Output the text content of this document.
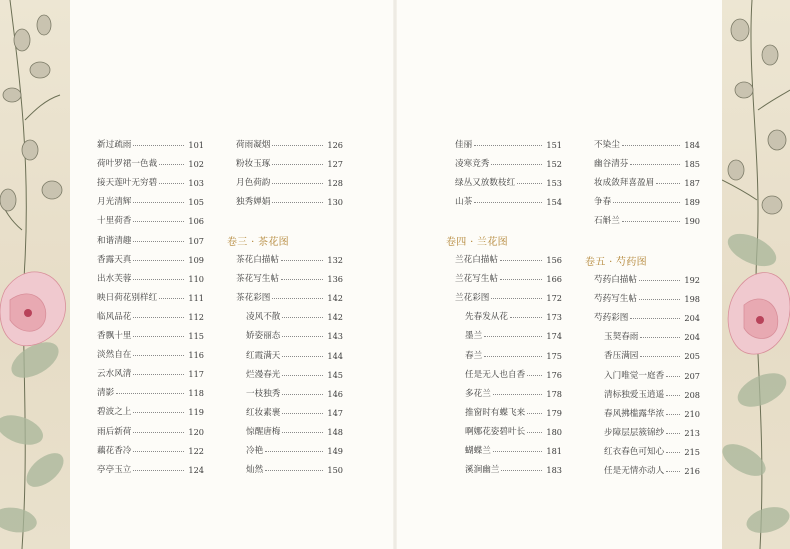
新过疏雨	101
荷叶罗裙一色裁	102
接天莲叶无穷碧	103
月光清辉	105
十里荷香	106
和谐清趣	107
香露天真	109
出水芙蓉	110
映日荷花别样红	111
临风品花	112
香飘十里	115
淡然自在	116
云水风清	117
清影	118
碧波之上	119
雨后新荷	120
藕花香冷	122
亭亭玉立	124
荷雨凝烟	126
粉妆玉琢	127
月色荷韵	128
独秀婵娟	130
卷三 · 茶花图
茶花白描帖	132
茶花写生帖	136
茶花彩图	142
凌风不散	142
娇姿丽态	143
红霞满天	144
烂漫春光	145
一枝独秀	146
红妆素裹	147
惊醒唐梅	148
冷艳	149
灿然	150
佳丽	151
凌寒竞秀	152
绿丛又放数枝红	153
山茶	154
卷四 · 兰花图
兰花白描帖	156
兰花写生帖	166
兰花彩图	172
先春发从花	173
墨兰	174
春兰	175
任是无人也自香	176
多花兰	178
推窗时有蝶飞来	179
啊娜花姿碧叶长	180
蝴蝶兰	181
溪涧幽兰	183
不染尘	184
幽谷清芬	185
妆成敛拜喜盈眉	187
争春	189
石斛兰	190
卷五 · 芍药图
芍药白描帖	192
芍药写生帖	198
芍药彩图	204
玉契春雨	204
香压满园	205
入门唯觉一庭香 207
清标独爱玉逍遥 208
春风拂槛露华浓 210
步障层层簇锦纱 213
红衣春色可知心 215
任是无情亦动人 216
